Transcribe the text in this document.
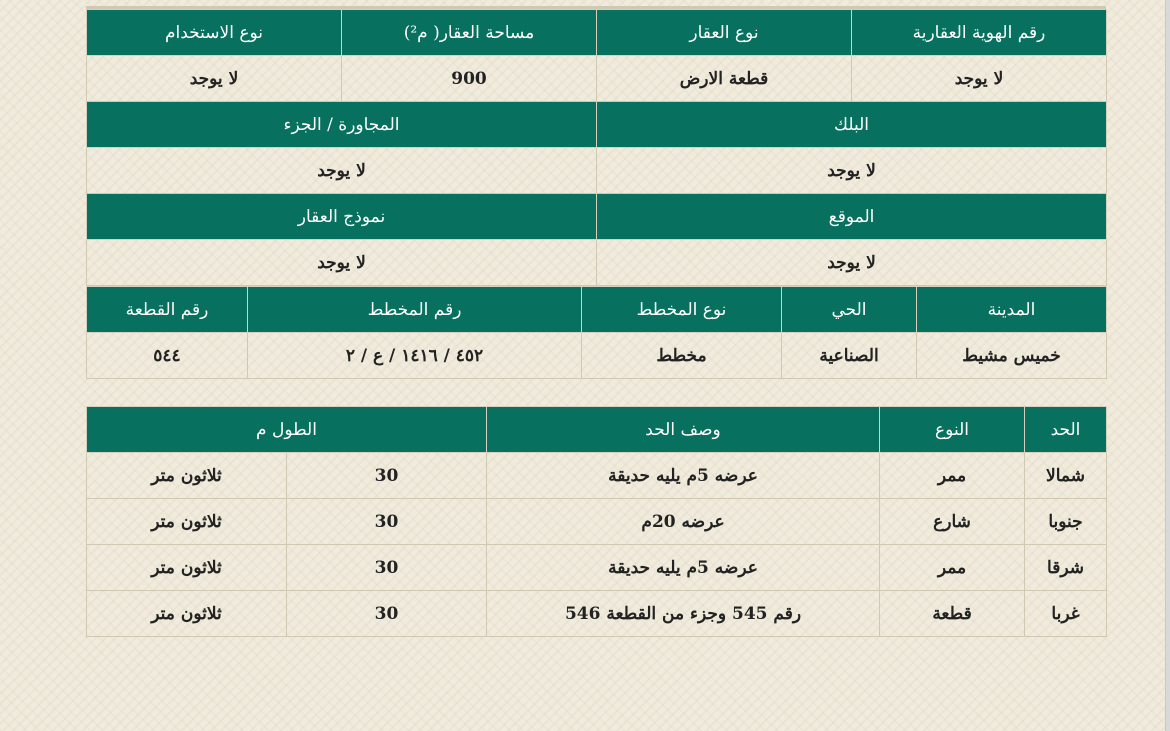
رقم الهوية العقارية	نوع العقار	مساحة العقار( م²)	نوع الاستخدام
لا يوجد	قطعة الارض	900	لا يوجد
البلك		المجاورة / الجزء	
لا يوجد		لا يوجد	
الموقع		نموذج العقار	
لا يوجد		لا يوجد	
المدينة	الحي	نوع المخطط	رقم المخطط	رقم القطعة
خميس مشيط	الصناعية	مخطط	٤٥٢ / ١٤١٦ / ع / ٢	٥٤٤
الحد	النوع	وصف الحد	الطول م	
شمالا	ممر	عرضه 5م يليه حديقة	30	ثلاثون متر
جنوبا	شارع	عرضه 20م	30	ثلاثون متر
شرقا	ممر	عرضه 5م يليه حديقة	30	ثلاثون متر
غربا	قطعة	رقم 545 وجزء من القطعة 546	30	ثلاثون متر
